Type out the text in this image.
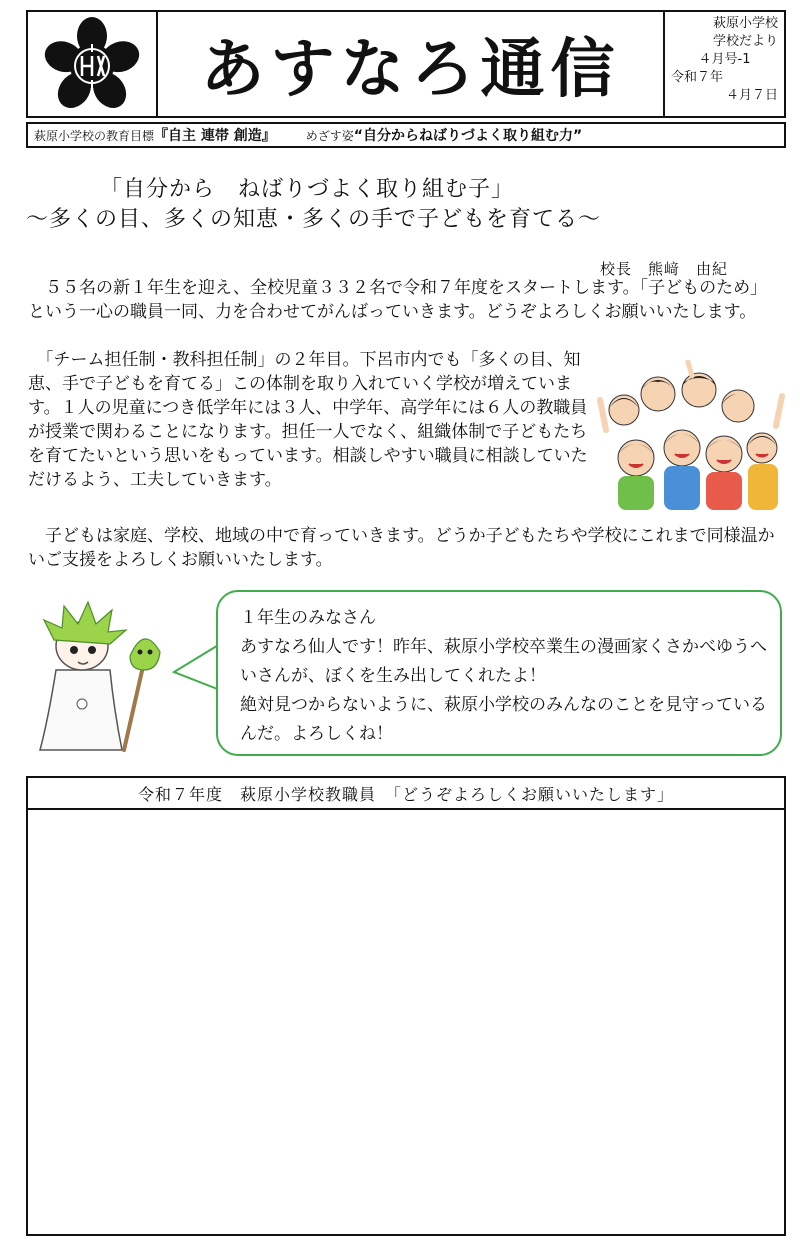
あすなろ通信
萩原小学校
学校だより
４月号-1
令和７年
４月７日
萩原小学校の教育目標 『自主 連帯 創造』	めざす姿 “自分からねばりづよく取り組む力”
「自分から　ねばりづよく取り組む子」
～多くの目、多くの知恵・多くの手で子どもを育てる～
校長　熊﨑　由紀

　５５名の新１年生を迎え、全校児童３３２名で令和７年度をスタートします。「子どものため」という一心の職員一同、力を合わせてがんばっていきます。どうぞよろしくお願いいたします。

　「チーム担任制・教科担任制」の２年目。下呂市内でも「多くの目、知恵、手で子どもを育てる」この体制を取り入れていく学校が増えています。１人の児童につき低学年には３人、中学年、高学年には６人の教職員が授業で関わることになります。担任一人でなく、組織体制で子どもたちを育てたいという思いをもっています。相談しやすい職員に相談していただけるよう、工夫していきます。

　子どもは家庭、学校、地域の中で育っていきます。どうか子どもたちや学校にこれまで同様温かいご支援をよろしくお願いいたします。

１年生のみなさん
あすなろ仙人です！昨年、萩原小学校卒業生の漫画家くさかべゆうへいさんが、ぼくを生み出してくれたよ！
絶対見つからないように、萩原小学校のみんなのことを見守っているんだ。よろしくね！

令和７年度　萩原小学校教職員　「どうぞよろしくお願いいたします」
